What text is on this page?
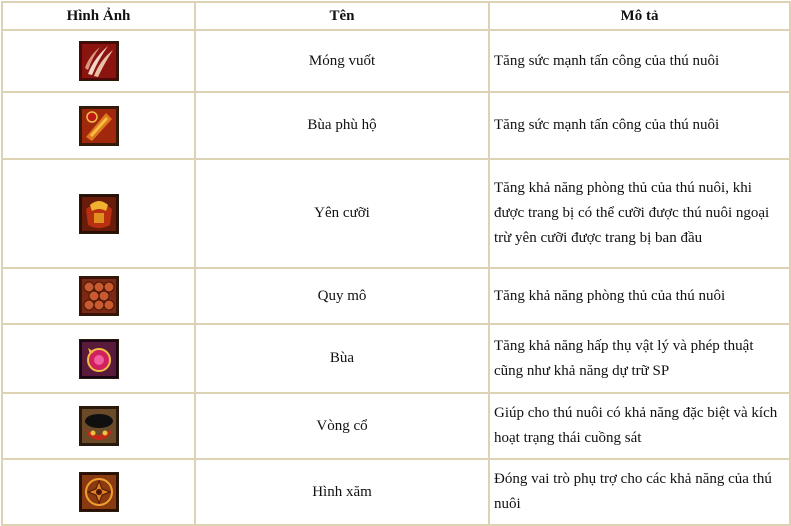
Hình Ảnh	Tên	Mô tả

	Móng vuốt	Tăng sức mạnh tấn công của thú nuôi

	Bùa phù hộ	Tăng sức mạnh tấn công của thú nuôi

	Yên cưỡi	Tăng khả năng phòng thủ của thú nuôi, khi được trang bị có thể cưỡi được thú nuôi ngoại trừ yên cưỡi được trang bị ban đầu

	Quy mô	Tăng khả năng phòng thủ của thú nuôi

	Bùa	Tăng khả năng hấp thụ vật lý và phép thuật cũng như khả năng dự trữ SP

	Vòng cổ	Giúp cho thú nuôi có khả năng đặc biệt và kích hoạt trạng thái cuồng sát

	Hình xăm	Đóng vai trò phụ trợ cho các khả năng của thú nuôi
